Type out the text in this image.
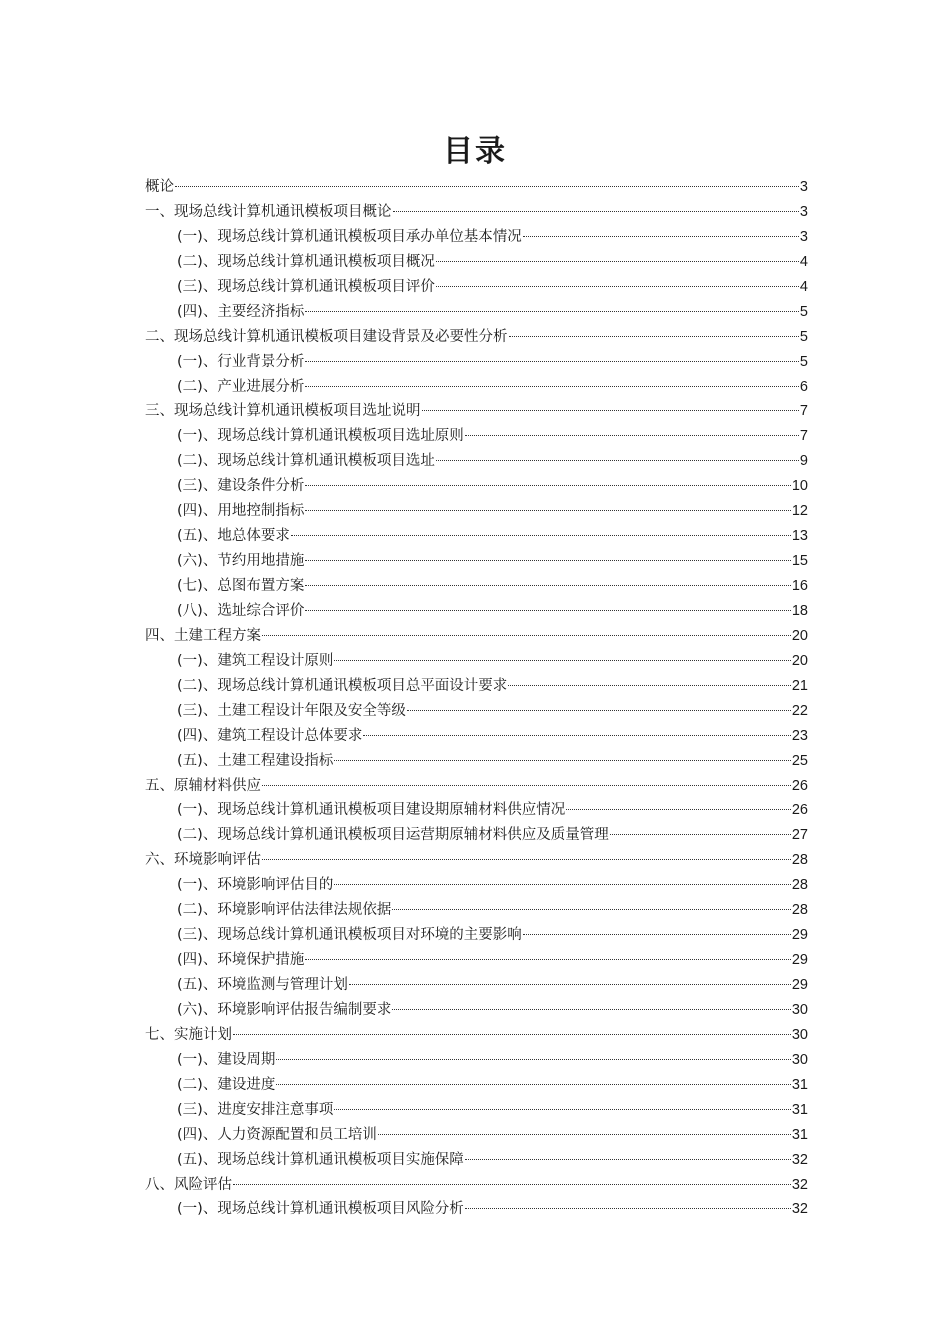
目录
概论	3
一、现场总线计算机通讯模板项目概论	3
(一)、现场总线计算机通讯模板项目承办单位基本情况	3
(二)、现场总线计算机通讯模板项目概况	4
(三)、现场总线计算机通讯模板项目评价	4
(四)、主要经济指标	5
二、现场总线计算机通讯模板项目建设背景及必要性分析	5
(一)、行业背景分析	5
(二)、产业进展分析	6
三、现场总线计算机通讯模板项目选址说明	7
(一)、现场总线计算机通讯模板项目选址原则	7
(二)、现场总线计算机通讯模板项目选址	9
(三)、建设条件分析	10
(四)、用地控制指标	12
(五)、地总体要求	13
(六)、节约用地措施	15
(七)、总图布置方案	16
(八)、选址综合评价	18
四、土建工程方案	20
(一)、建筑工程设计原则	20
(二)、现场总线计算机通讯模板项目总平面设计要求	21
(三)、土建工程设计年限及安全等级	22
(四)、建筑工程设计总体要求	23
(五)、土建工程建设指标	25
五、原辅材料供应	26
(一)、现场总线计算机通讯模板项目建设期原辅材料供应情况	26
(二)、现场总线计算机通讯模板项目运营期原辅材料供应及质量管理	27
六、环境影响评估	28
(一)、环境影响评估目的	28
(二)、环境影响评估法律法规依据	28
(三)、现场总线计算机通讯模板项目对环境的主要影响	29
(四)、环境保护措施	29
(五)、环境监测与管理计划	29
(六)、环境影响评估报告编制要求	30
七、实施计划	30
(一)、建设周期	30
(二)、建设进度	31
(三)、进度安排注意事项	31
(四)、人力资源配置和员工培训	31
(五)、现场总线计算机通讯模板项目实施保障	32
八、风险评估	32
(一)、现场总线计算机通讯模板项目风险分析	32
